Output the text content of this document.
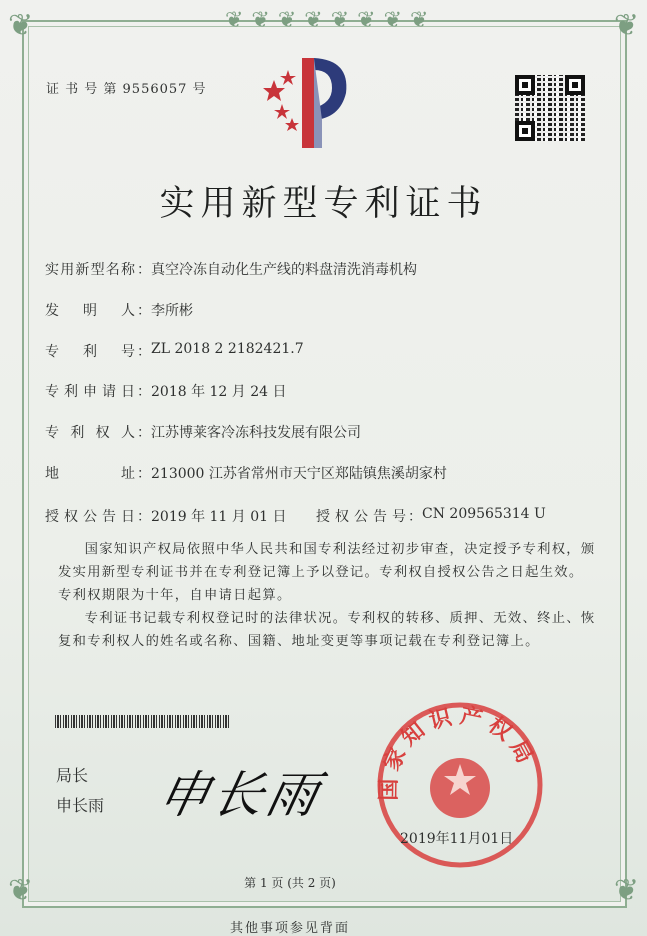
❦❦❦❦❦❦❦❦
❦	❦
❦	❦
证 书 号 第 9556057 号
实用新型专利证书
实用新型名称 ： 真空冷冻自动化生产线的料盘清洗消毒机构
发明人 ： 李所彬
专利号 ： ZL 2018 2 2182421.7
专利申请日 ： 2018 年 12 月 24 日
专利权人 ： 江苏博莱客冷冻科技发展有限公司
地址 ： 213000 江苏省常州市天宁区郑陆镇焦溪胡家村
授权公告日 ： 2019 年 11 月 01 日 授权公告号 ： CN 209565314 U

国家知识产权局依照中华人民共和国专利法经过初步审查，决定授予专利权，颁发实用新型专利证书并在专利登记簿上予以登记。专利权自授权公告之日起生效。专利权期限为十年，自申请日起算。

专利证书记载专利权登记时的法律状况。专利权的转移、质押、无效、终止、恢复和专利权人的姓名或名称、国籍、地址变更等事项记载在专利登记簿上。

局长
申长雨 申长雨 国家知识产权局
2019年11月01日
第 1 页 (共 2 页)
其他事项参见背面
